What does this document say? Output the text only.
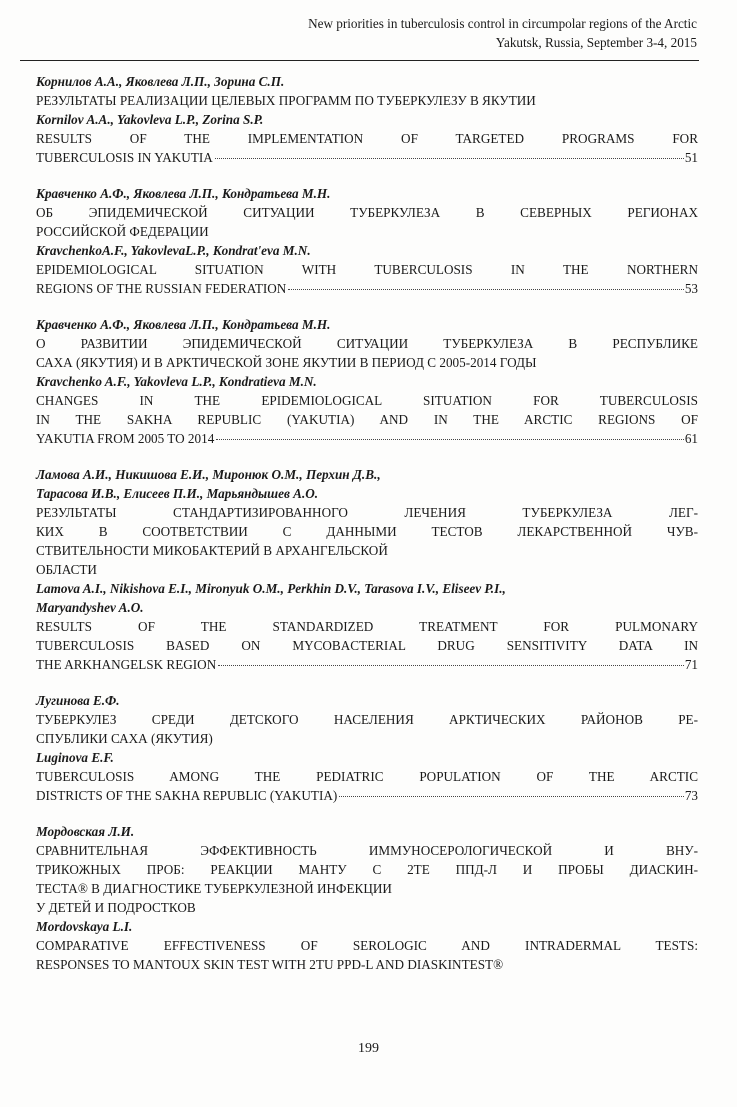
New priorities in tuberculosis control in circumpolar regions of the Arctic
Yakutsk, Russia, September 3-4, 2015
Корнилов А.А., Яковлева Л.П., Зорина С.П.
РЕЗУЛЬТАТЫ РЕАЛИЗАЦИИ ЦЕЛЕВЫХ ПРОГРАММ ПО ТУБЕРКУЛЕЗУ В ЯКУТИИ
Kornilov A.A., Yakovleva L.P., Zorina S.P.
RESULTS OF THE IMPLEMENTATION OF TARGETED PROGRAMS FOR
TUBERCULOSIS IN YAKUTIA	51
Кравченко А.Ф., Яковлева Л.П., Кондратьева М.Н.
ОБ ЭПИДЕМИЧЕСКОЙ СИТУАЦИИ ТУБЕРКУЛЕЗА В СЕВЕРНЫХ РЕГИОНАХ
РОССИЙСКОЙ ФЕДЕРАЦИИ
KravchenkoA.F., YakovlevaL.P., Kondrat'eva M.N.
EPIDEMIOLOGICAL SITUATION WITH TUBERCULOSIS IN THE NORTHERN
REGIONS OF THE RUSSIAN FEDERATION	53
Кравченко А.Ф., Яковлева Л.П., Кондратьева М.Н.
О РАЗВИТИИ ЭПИДЕМИЧЕСКОЙ СИТУАЦИИ ТУБЕРКУЛЕЗА В РЕСПУБЛИКЕ
САХА (ЯКУТИЯ) И В АРКТИЧЕСКОЙ ЗОНЕ ЯКУТИИ В ПЕРИОД С 2005-2014 ГОДЫ
Kravchenko A.F., Yakovleva L.P., Kondratieva M.N.
CHANGES IN THE EPIDEMIOLOGICAL SITUATION FOR TUBERCULOSIS
IN THE SAKHA REPUBLIC (YAKUTIA) AND IN THE ARCTIC REGIONS OF
YAKUTIA FROM 2005 TO 2014	61
Ламова А.И., Никишова Е.И., Миронюк О.М., Перхин Д.В.,
Тарасова И.В., Елисеев П.И., Марьяндышев А.О.
РЕЗУЛЬТАТЫ СТАНДАРТИЗИРОВАННОГО ЛЕЧЕНИЯ ТУБЕРКУЛЕЗА ЛЕГ-
КИХ В СООТВЕТСТВИИ С ДАННЫМИ ТЕСТОВ ЛЕКАРСТВЕННОЙ ЧУВ-
СТВИТЕЛЬНОСТИ МИКОБАКТЕРИЙ В АРХАНГЕЛЬСКОЙ
ОБЛАСТИ
Lamova A.I., Nikishova E.I., Mironyuk O.M., Perkhin D.V., Tarasova I.V., Eliseev P.I.,
Maryandyshev A.O.
RESULTS OF THE STANDARDIZED TREATMENT FOR PULMONARY
TUBERCULOSIS BASED ON MYCOBACTERIAL DRUG SENSITIVITY DATA IN
THE ARKHANGELSK REGION	71
Лугинова Е.Ф.
ТУБЕРКУЛЕЗ СРЕДИ ДЕТСКОГО НАСЕЛЕНИЯ АРКТИЧЕСКИХ РАЙОНОВ РЕ-
СПУБЛИКИ САХА (ЯКУТИЯ)
Luginova E.F.
TUBERCULOSIS AMONG THE PEDIATRIC POPULATION OF THE ARCTIC
DISTRICTS OF THE SAKHA REPUBLIC (YAKUTIA)	73
Мордовская Л.И.
СРАВНИТЕЛЬНАЯ ЭФФЕКТИВНОСТЬ ИММУНОСЕРОЛОГИЧЕСКОЙ И ВНУ-
ТРИКОЖНЫХ ПРОБ: РЕАКЦИИ МАНТУ С 2ТЕ ППД-Л И ПРОБЫ ДИАСКИН-
ТЕСТА® В ДИАГНОСТИКЕ ТУБЕРКУЛЕЗНОЙ ИНФЕКЦИИ
У ДЕТЕЙ И ПОДРОСТКОВ
Mordovskaya L.I.
COMPARATIVE EFFECTIVENESS OF SEROLOGIC AND INTRADERMAL TESTS:
RESPONSES TO MANTOUX SKIN TEST WITH 2TU PPD-L AND DIASKINTEST®
199
